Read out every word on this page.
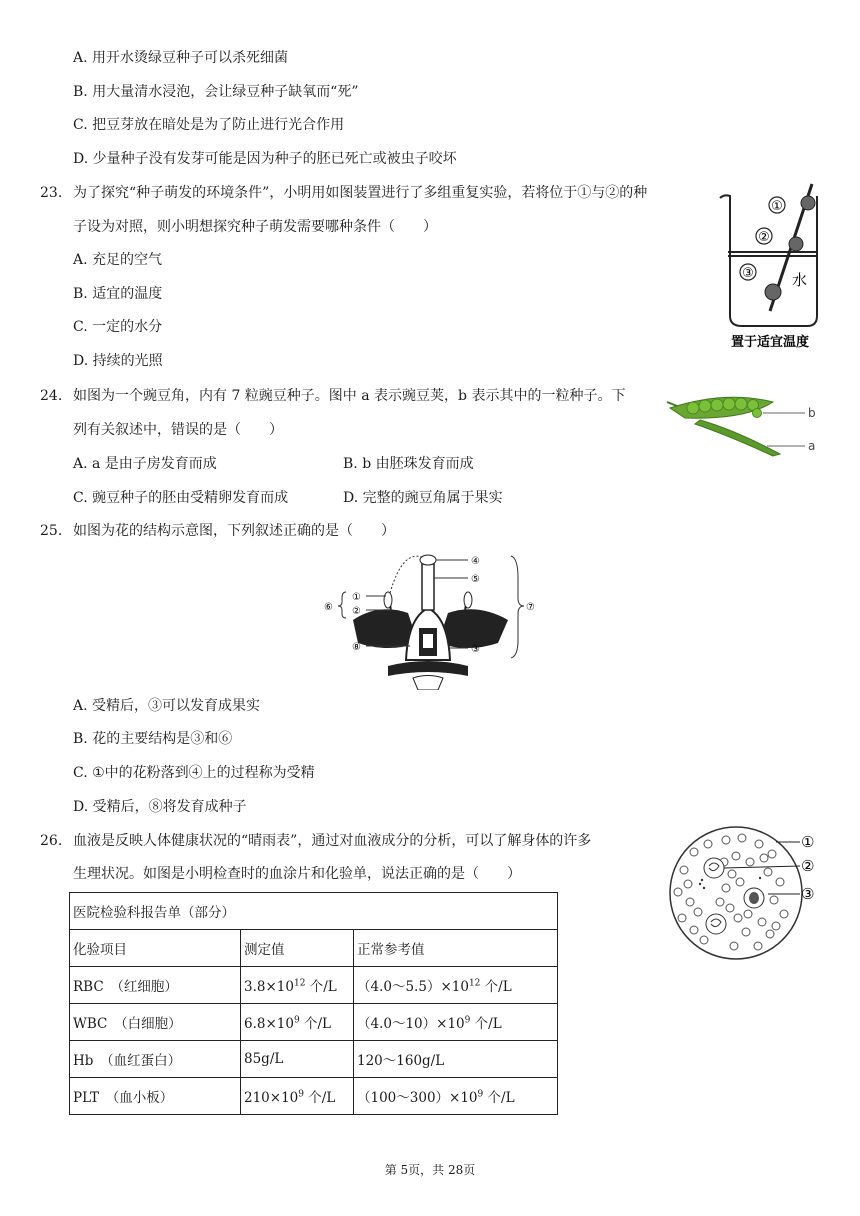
A. 用开水烫绿豆种子可以杀死细菌
B. 用大量清水浸泡，会让绿豆种子缺氧而“死”
C. 把豆芽放在暗处是为了防止进行光合作用
D. 少量种子没有发芽可能是因为种子的胚已死亡或被虫子咬坏
23. 为了探究“种子萌发的环境条件”，小明用如图装置进行了多组重复实验，若将位于①与②的种
子设为对照，则小明想探究种子萌发需要哪种条件（　　）
A. 充足的空气
B. 适宜的温度
C. 一定的水分
D. 持续的光照
①
②
③	水
置于适宜温度
24. 如图为一个豌豆角，内有 7 粒豌豆种子。图中 a 表示豌豆荚，b 表示其中的一粒种子。下
列有关叙述中，错误的是（　　）
A. a 是由子房发育而成	B. b 由胚珠发育而成
C. 豌豆种子的胚由受精卵发育而成	D. 完整的豌豆角属于果实
b
a
25. 如图为花的结构示意图，下列叙述正确的是（　　）
④
⑤
③
⑧
①
②
⑥	⑦
A. 受精后，③可以发育成果实
B. 花的主要结构是③和⑥
C. ①中的花粉落到④上的过程称为受精
D. 受精后，⑧将发育成种子
26. 血液是反映人体健康状况的“晴雨表”，通过对血液成分的分析，可以了解身体的许多
生理状况。如图是小明检查时的血涂片和化验单，说法正确的是（　　）
①
②
③
医院检验科报告单（部分）		
化验项目	测定值	正常参考值
RBC　（红细胞）	$3.8\times 10^{12}$ 个/L	$(4.0\sim 5.5)\times 10^{12}$ 个/L
WBC　（白细胞）	$6.8\times 10^9$ 个/L	$(4.0\sim 10)\times 10^9$ 个/L
Hb　（血红蛋白）	85g/L	120～160g/L
PLT　（血小板）	$210\times 10^9$ 个/L	$(100\sim 300)\times 10^9$ 个/L
第 5页，共 28页
